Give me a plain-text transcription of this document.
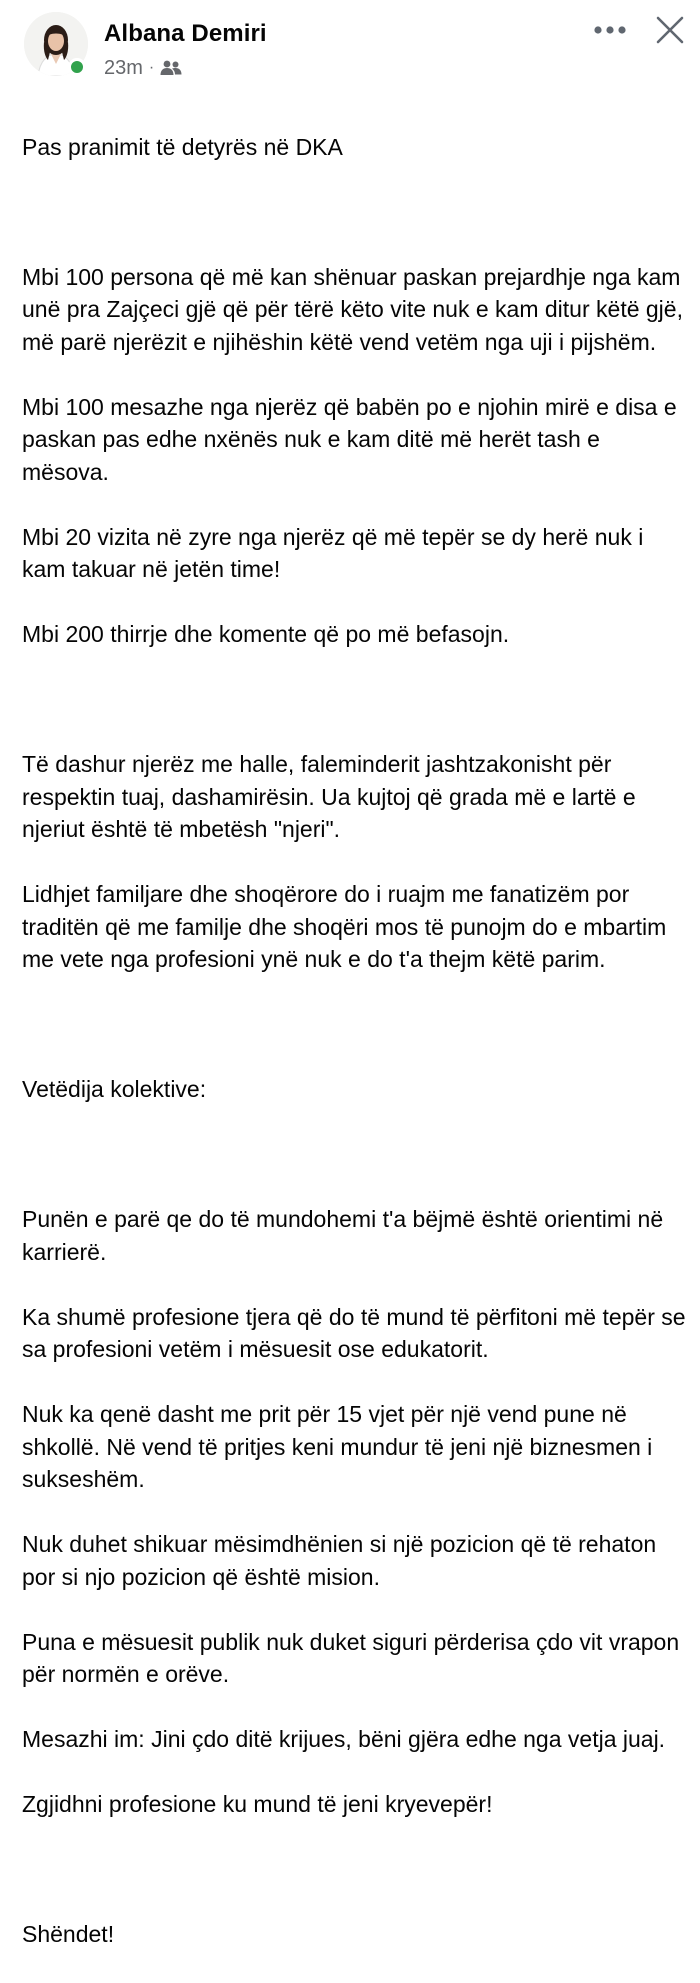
Albana Demiri
23m ·

Pas pranimit të detyrës në DKA

Mbi 100 persona që më kan shënuar paskan prejardhje nga kam unë pra Zajçeci gjë që për tërë këto vite nuk e kam ditur këtë gjë, më parë njerëzit e njihëshin këtë vend vetëm nga uji i pijshëm.

Mbi 100 mesazhe nga njerëz që babën po e njohin mirë e disa e paskan pas edhe nxënës nuk e kam ditë më herët tash e mësova.

Mbi 20 vizita në zyre nga njerëz që më tepër se dy herë nuk i kam takuar në jetën time!

Mbi 200 thirrje dhe komente që po më befasojn.

Të dashur njerëz me halle, faleminderit jashtzakonisht për respektin tuaj, dashamirësin. Ua kujtoj që grada më e lartë e njeriut është të mbetësh "njeri".

Lidhjet familjare dhe shoqërore do i ruajm me fanatizëm por traditën që me familje dhe shoqëri mos të punojm do e mbartim me vete nga profesioni ynë nuk e do t'a thejm këtë parim.

Vetëdija kolektive:

Punën e parë qe do të mundohemi t'a bëjmë është orientimi në karrierë.

Ka shumë profesione tjera që do të mund të përfitoni më tepër se sa profesioni vetëm i mësuesit ose edukatorit.

Nuk ka qenë dasht me prit për 15 vjet për një vend pune në shkollë. Në vend të pritjes keni mundur të jeni një biznesmen i sukseshëm.

Nuk duhet shikuar mësimdhënien si një pozicion që të rehaton por si njo pozicion që është mision.

Puna e mësuesit publik nuk duket siguri përderisa çdo vit vrapon për normën e orëve.

Mesazhi im: Jini çdo ditë krijues, bëni gjëra edhe nga vetja juaj.

Zgjidhni profesione ku mund të jeni kryevepër!

Shëndet!
